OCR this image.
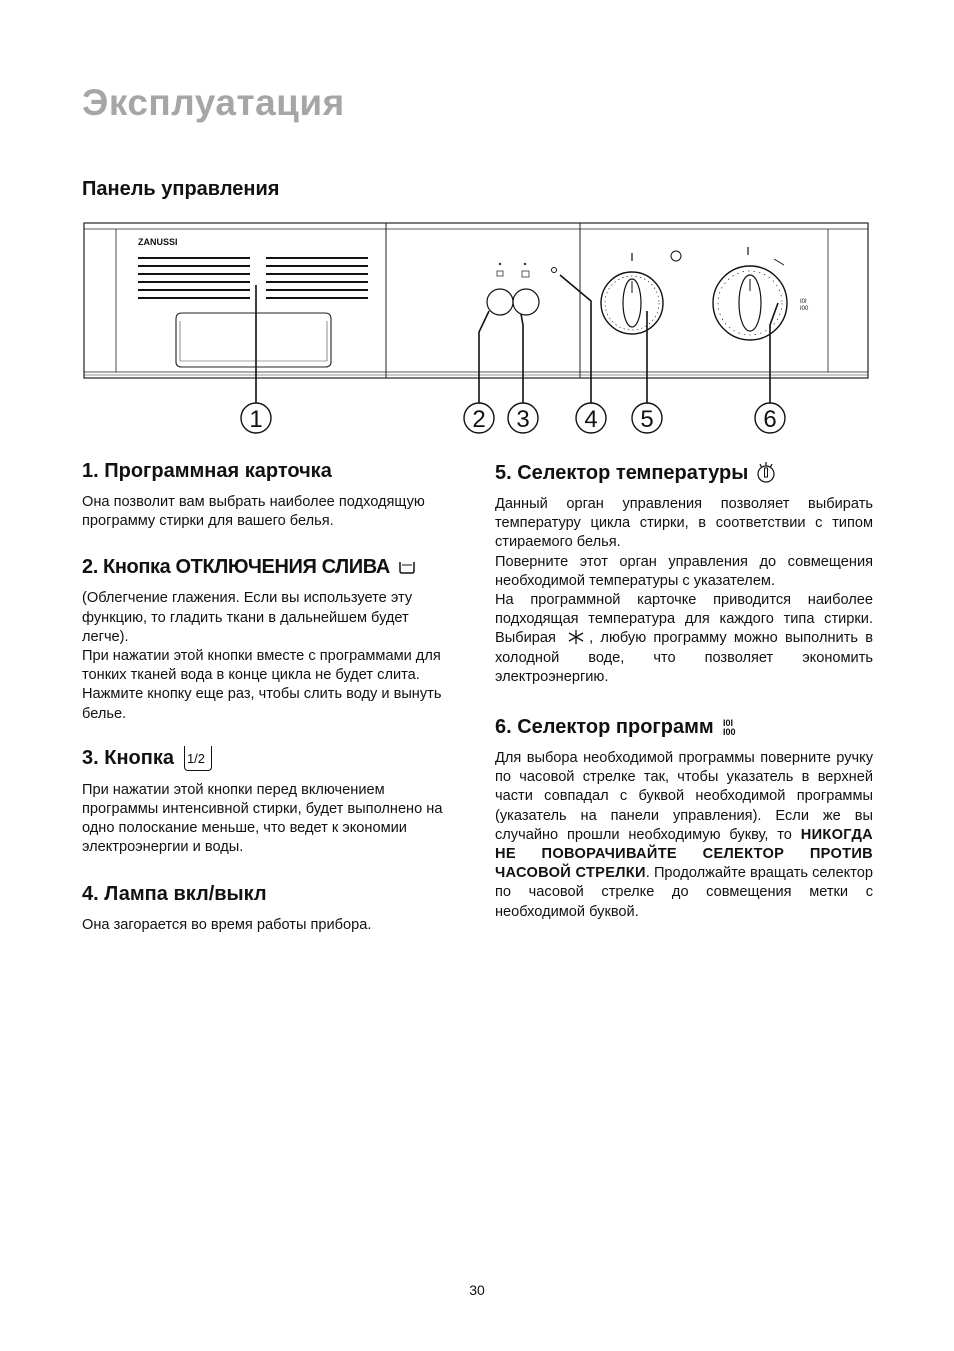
Эксплуатация
Панель управления
ZANUSSI
I0I
I00
1	2 3 4 5	6
1. Программная карточка

Она позволит вам выбрать наиболее подходящую программу стирки для вашего белья.

2. Кнопка ОТКЛЮЧЕНИЯ СЛИВА

(Облегчение глажения. Если вы используете эту функцию, то гладить ткани в дальнейшем будет легче).

При нажатии этой кнопки вместе с программами для тонких тканей вода в конце цикла не будет слита. Нажмите кнопку еще раз, чтобы слить воду и вынуть белье.

3. Кнопка 1/2

При нажатии этой кнопки перед включением программы интенсивной стирки, будет выполнено на одно полоскание меньше, что ведет к экономии электроэнергии и воды.

4. Лампа вкл/выкл

Она загорается во время работы прибора.

5. Селектор температуры

Данный орган управления позволяет выбирать температуру цикла стирки, в соответствии с типом стираемого белья.

Поверните этот орган управления до совмещения необходимой температуры с указателем.

На программной карточке приводится наиболее подходящая температура для каждого типа стирки. Выбирая , любую программу можно выполнить в холодной воде, что позволяет экономить электроэнергию.

6. Селектор программ I0I
I00

Для выбора необходимой программы поверните ручку по часовой стрелке так, чтобы указатель в верхней части совпадал с буквой необходимой программы (указатель на панели управления). Если же вы случайно прошли необходимую букву, то НИКОГДА НЕ ПОВОРАЧИВАЙТЕ СЕЛЕКТОР ПРОТИВ ЧАСОВОЙ СТРЕЛКИ. Продолжайте вращать селектор по часовой стрелке до совмещения метки с необходимой буквой.

30
